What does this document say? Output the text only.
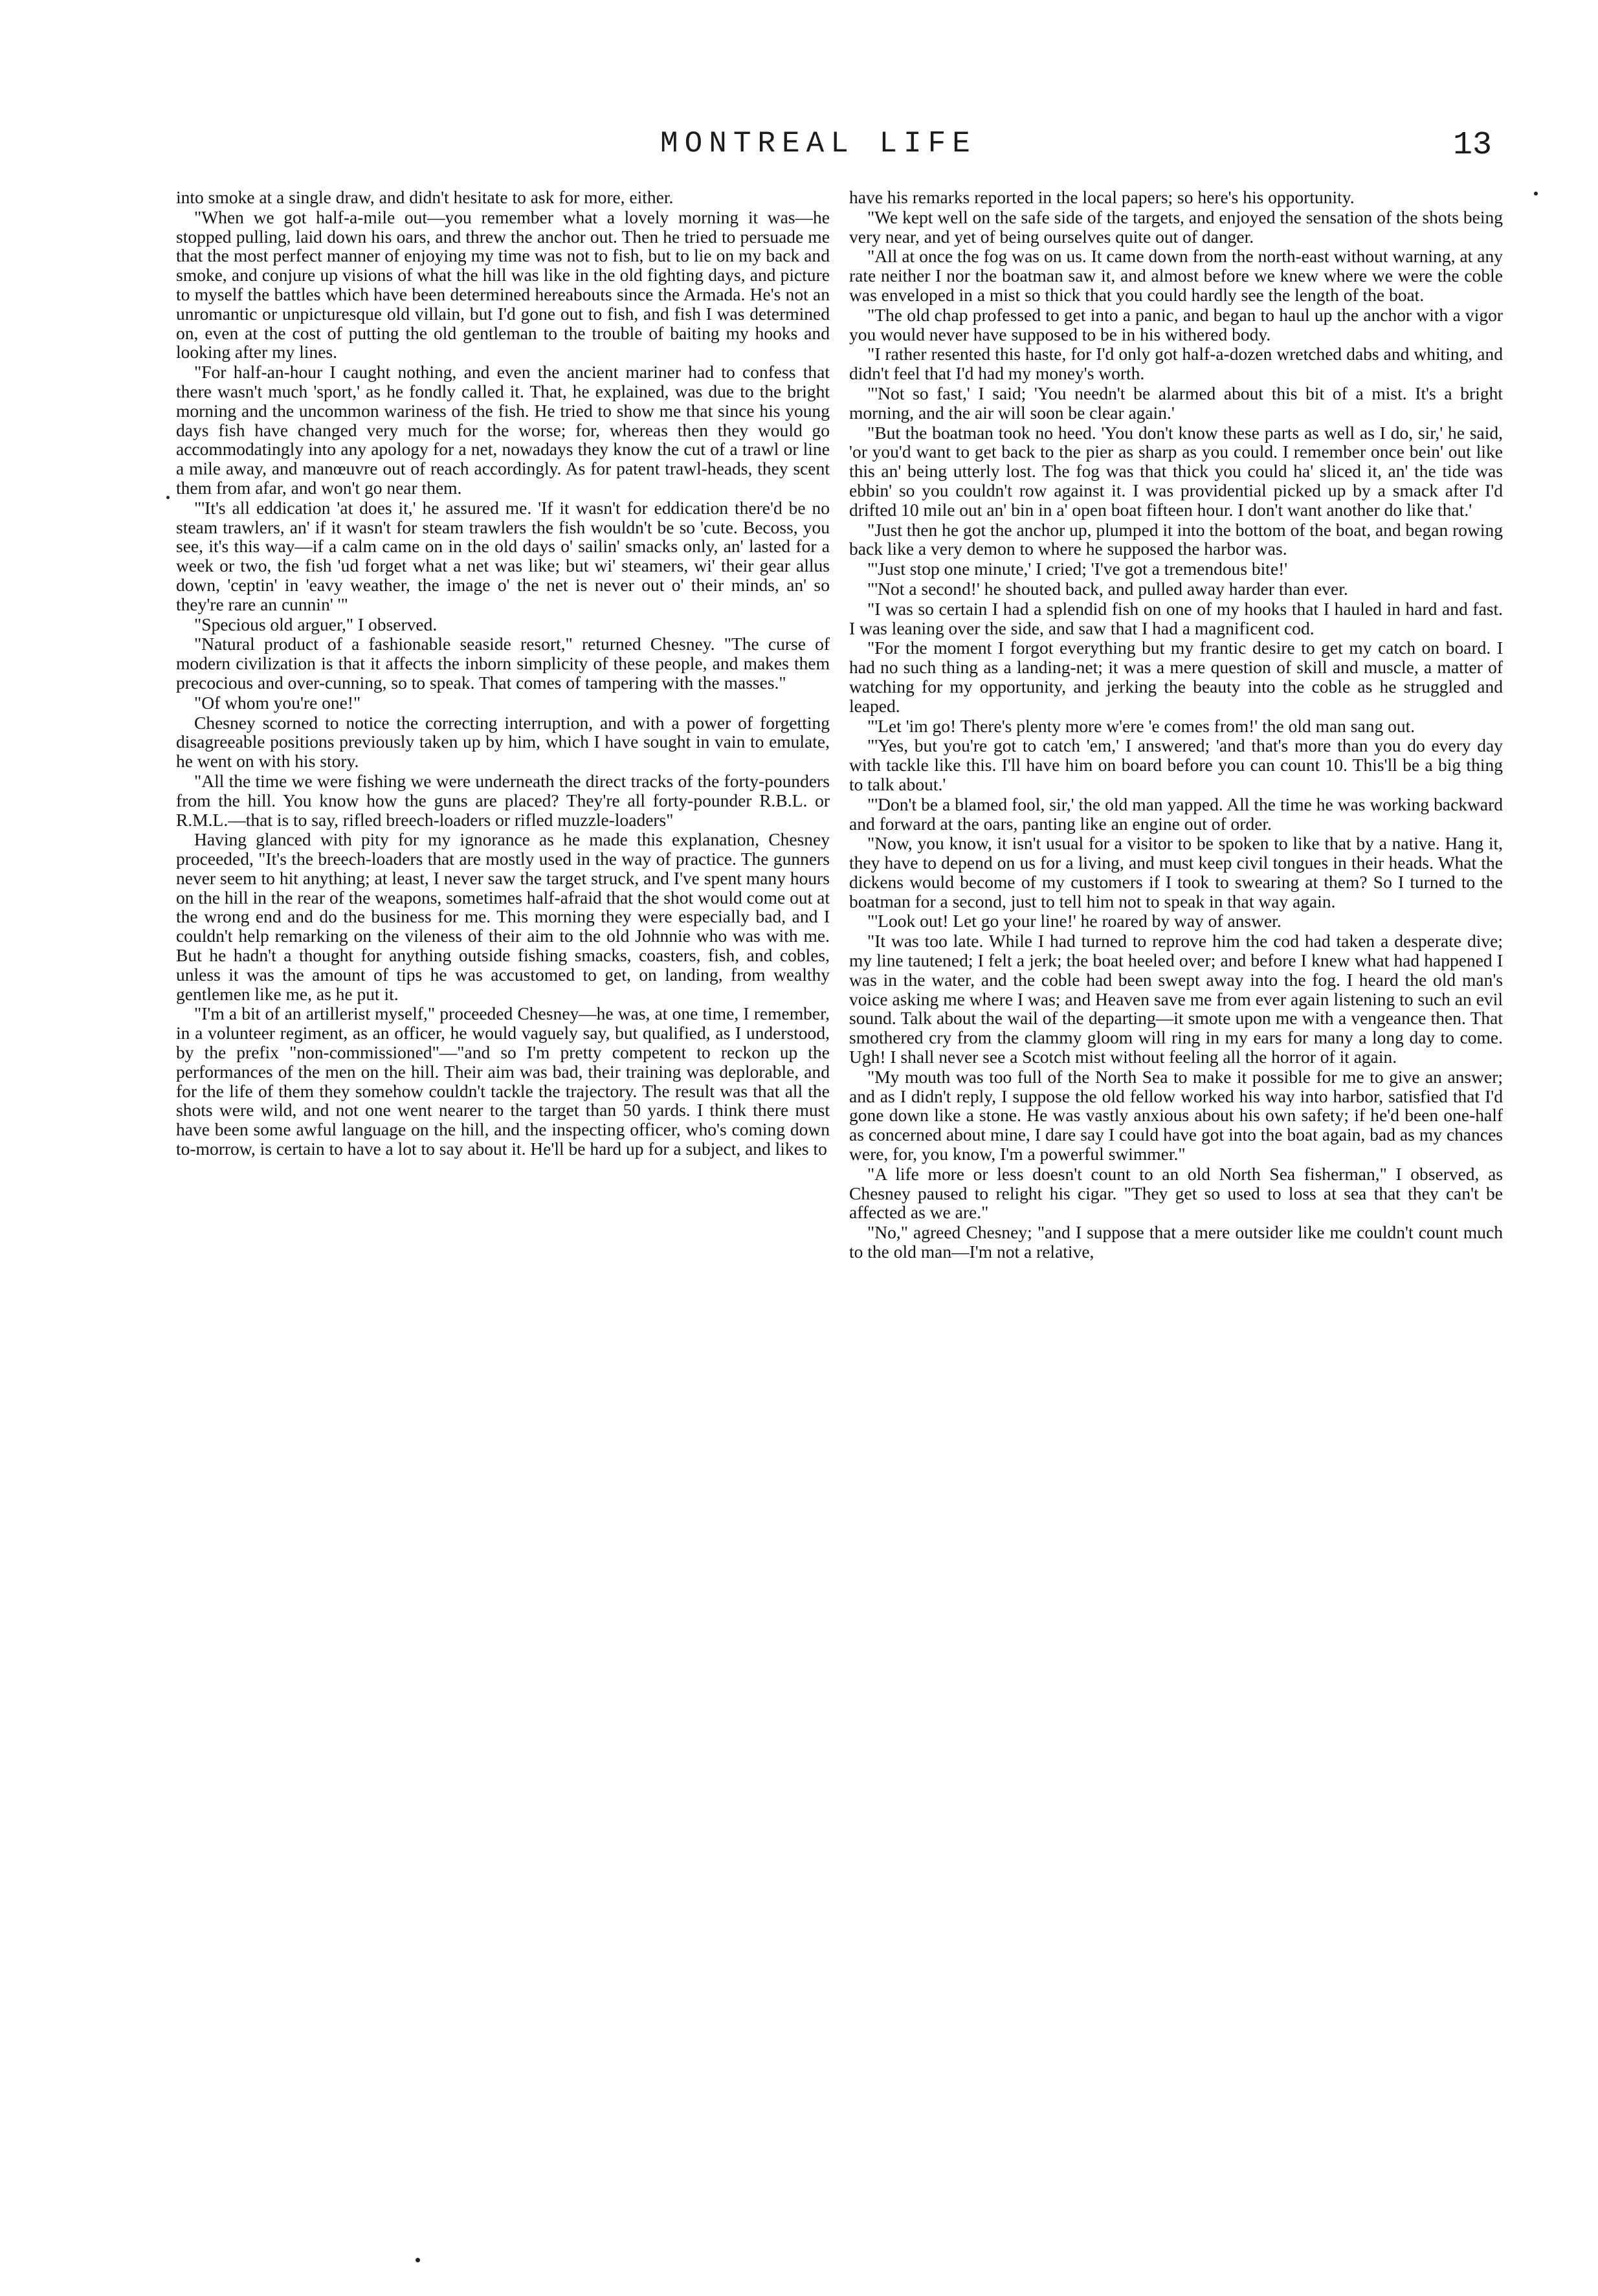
MONTREAL LIFE	13

into smoke at a single draw, and didn't hesitate to ask for more, either.

"When we got half-a-mile out—you remember what a lovely morning it was—he stopped pulling, laid down his oars, and threw the anchor out. Then he tried to persuade me that the most perfect manner of enjoying my time was not to fish, but to lie on my back and smoke, and conjure up visions of what the hill was like in the old fighting days, and picture to myself the battles which have been determined hereabouts since the Armada. He's not an unromantic or unpicturesque old villain, but I'd gone out to fish, and fish I was determined on, even at the cost of putting the old gentleman to the trouble of baiting my hooks and looking after my lines.

"For half-an-hour I caught nothing, and even the ancient mariner had to confess that there wasn't much 'sport,' as he fondly called it. That, he explained, was due to the bright morning and the uncommon wariness of the fish. He tried to show me that since his young days fish have changed very much for the worse; for, whereas then they would go accommodatingly into any apology for a net, nowadays they know the cut of a trawl or line a mile away, and manœuvre out of reach accordingly. As for patent trawl-heads, they scent them from afar, and won't go near them.

"'It's all eddication 'at does it,' he assured me. 'If it wasn't for eddication there'd be no steam trawlers, an' if it wasn't for steam trawlers the fish wouldn't be so 'cute. Becoss, you see, it's this way—if a calm came on in the old days o' sailin' smacks only, an' lasted for a week or two, the fish 'ud forget what a net was like; but wi' steamers, wi' their gear allus down, 'ceptin' in 'eavy weather, the image o' the net is never out o' their minds, an' so they're rare an cunnin' '"

"Specious old arguer," I observed.

"Natural product of a fashionable seaside resort," returned Chesney. "The curse of modern civilization is that it affects the inborn simplicity of these people, and makes them precocious and over-cunning, so to speak. That comes of tampering with the masses."

"Of whom you're one!"

Chesney scorned to notice the correcting interruption, and with a power of forgetting disagreeable positions previously taken up by him, which I have sought in vain to emulate, he went on with his story.

"All the time we were fishing we were underneath the direct tracks of the forty-pounders from the hill. You know how the guns are placed? They're all forty-pounder R.B.L. or R.M.L.—that is to say, rifled breech-loaders or rifled muzzle-loaders"

Having glanced with pity for my ignorance as he made this explanation, Chesney proceeded, "It's the breech-loaders that are mostly used in the way of practice. The gunners never seem to hit anything; at least, I never saw the target struck, and I've spent many hours on the hill in the rear of the weapons, sometimes half-afraid that the shot would come out at the wrong end and do the business for me. This morning they were especially bad, and I couldn't help remarking on the vileness of their aim to the old Johnnie who was with me. But he hadn't a thought for anything outside fishing smacks, coasters, fish, and cobles, unless it was the amount of tips he was accustomed to get, on landing, from wealthy gentlemen like me, as he put it.

"I'm a bit of an artillerist myself," proceeded Chesney—he was, at one time, I remember, in a volunteer regiment, as an officer, he would vaguely say, but qualified, as I understood, by the prefix "non-commissioned"—"and so I'm pretty competent to reckon up the performances of the men on the hill. Their aim was bad, their training was deplorable, and for the life of them they somehow couldn't tackle the trajectory. The result was that all the shots were wild, and not one went nearer to the target than 50 yards. I think there must have been some awful language on the hill, and the inspecting officer, who's coming down to-morrow, is certain to have a lot to say about it. He'll be hard up for a subject, and likes to

have his remarks reported in the local papers; so here's his opportunity.

"We kept well on the safe side of the targets, and enjoyed the sensation of the shots being very near, and yet of being ourselves quite out of danger.

"All at once the fog was on us. It came down from the north-east without warning, at any rate neither I nor the boatman saw it, and almost before we knew where we were the coble was enveloped in a mist so thick that you could hardly see the length of the boat.

"The old chap professed to get into a panic, and began to haul up the anchor with a vigor you would never have supposed to be in his withered body.

"I rather resented this haste, for I'd only got half-a-dozen wretched dabs and whiting, and didn't feel that I'd had my money's worth.

"'Not so fast,' I said; 'You needn't be alarmed about this bit of a mist. It's a bright morning, and the air will soon be clear again.'

"But the boatman took no heed. 'You don't know these parts as well as I do, sir,' he said, 'or you'd want to get back to the pier as sharp as you could. I remember once bein' out like this an' being utterly lost. The fog was that thick you could ha' sliced it, an' the tide was ebbin' so you couldn't row against it. I was providential picked up by a smack after I'd drifted 10 mile out an' bin in a' open boat fifteen hour. I don't want another do like that.'

"Just then he got the anchor up, plumped it into the bottom of the boat, and began rowing back like a very demon to where he supposed the harbor was.

"'Just stop one minute,' I cried; 'I've got a tremendous bite!'

"'Not a second!' he shouted back, and pulled away harder than ever.

"I was so certain I had a splendid fish on one of my hooks that I hauled in hard and fast. I was leaning over the side, and saw that I had a magnificent cod.

"For the moment I forgot everything but my frantic desire to get my catch on board. I had no such thing as a landing-net; it was a mere question of skill and muscle, a matter of watching for my opportunity, and jerking the beauty into the coble as he struggled and leaped.

"'Let 'im go! There's plenty more w'ere 'e comes from!' the old man sang out.

"'Yes, but you're got to catch 'em,' I answered; 'and that's more than you do every day with tackle like this. I'll have him on board before you can count 10. This'll be a big thing to talk about.'

"'Don't be a blamed fool, sir,' the old man yapped. All the time he was working backward and forward at the oars, panting like an engine out of order.

"Now, you know, it isn't usual for a visitor to be spoken to like that by a native. Hang it, they have to depend on us for a living, and must keep civil tongues in their heads. What the dickens would become of my customers if I took to swearing at them? So I turned to the boatman for a second, just to tell him not to speak in that way again.

"'Look out! Let go your line!' he roared by way of answer.

"It was too late. While I had turned to reprove him the cod had taken a desperate dive; my line tautened; I felt a jerk; the boat heeled over; and before I knew what had happened I was in the water, and the coble had been swept away into the fog. I heard the old man's voice asking me where I was; and Heaven save me from ever again listening to such an evil sound. Talk about the wail of the departing—it smote upon me with a vengeance then. That smothered cry from the clammy gloom will ring in my ears for many a long day to come. Ugh! I shall never see a Scotch mist without feeling all the horror of it again.

"My mouth was too full of the North Sea to make it possible for me to give an answer; and as I didn't reply, I suppose the old fellow worked his way into harbor, satisfied that I'd gone down like a stone. He was vastly anxious about his own safety; if he'd been one-half as concerned about mine, I dare say I could have got into the boat again, bad as my chances were, for, you know, I'm a powerful swimmer."

"A life more or less doesn't count to an old North Sea fisherman," I observed, as Chesney paused to relight his cigar. "They get so used to loss at sea that they can't be affected as we are."

"No," agreed Chesney; "and I suppose that a mere outsider like me couldn't count much to the old man—I'm not a relative,
